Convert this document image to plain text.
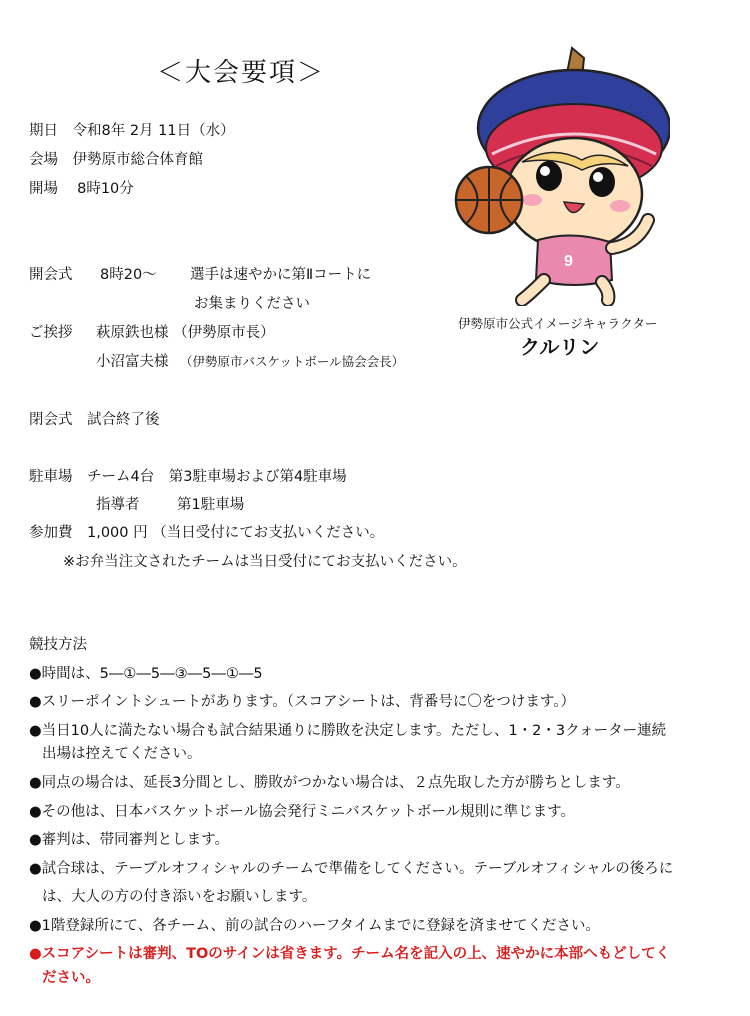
＜大会要項＞
期日　令和8年 2月 11日（水）
会場　伊勢原市総合体育館
開場　 8時10分
開会式 8時20～ 選手は速やかに第Ⅱコートに
お集まりください
ご挨拶 萩原鉄也様 （伊勢原市長）
小沼富夫様 （伊勢原市バスケットボール協会会長）
閉会式　試合終了後
駐車場　チーム4台　第3駐車場および第4駐車場
指導者	第1駐車場
参加費　1,000 円 （当日受付にてお支払いください。
※お弁当注文されたチームは当日受付にてお支払いください。
競技方法
●時間は、5―①―5―③―5―①―5
●スリーポイントシュートがあります。（スコアシートは、背番号に〇をつけます。）
●当日10人に満たない場合も試合結果通りに勝敗を決定します。ただし、1・2・3クォーター連続
出場は控えてください。
●同点の場合は、延長3分間とし、勝敗がつかない場合は、２点先取した方が勝ちとします。
●その他は、日本バスケットボール協会発行ミニバスケットボール規則に準じます。
●審判は、帯同審判とします。
●試合球は、テーブルオフィシャルのチームで準備をしてください。テーブルオフィシャルの後ろに
は、大人の方の付き添いをお願いします。
●1階登録所にて、各チーム、前の試合のハーフタイムまでに登録を済ませてください。
●スコアシートは審判、TOのサインは省きます。チーム名を記入の上、速やかに本部へもどしてく
ださい。
9
伊勢原市公式イメージキャラクター
クルリン
